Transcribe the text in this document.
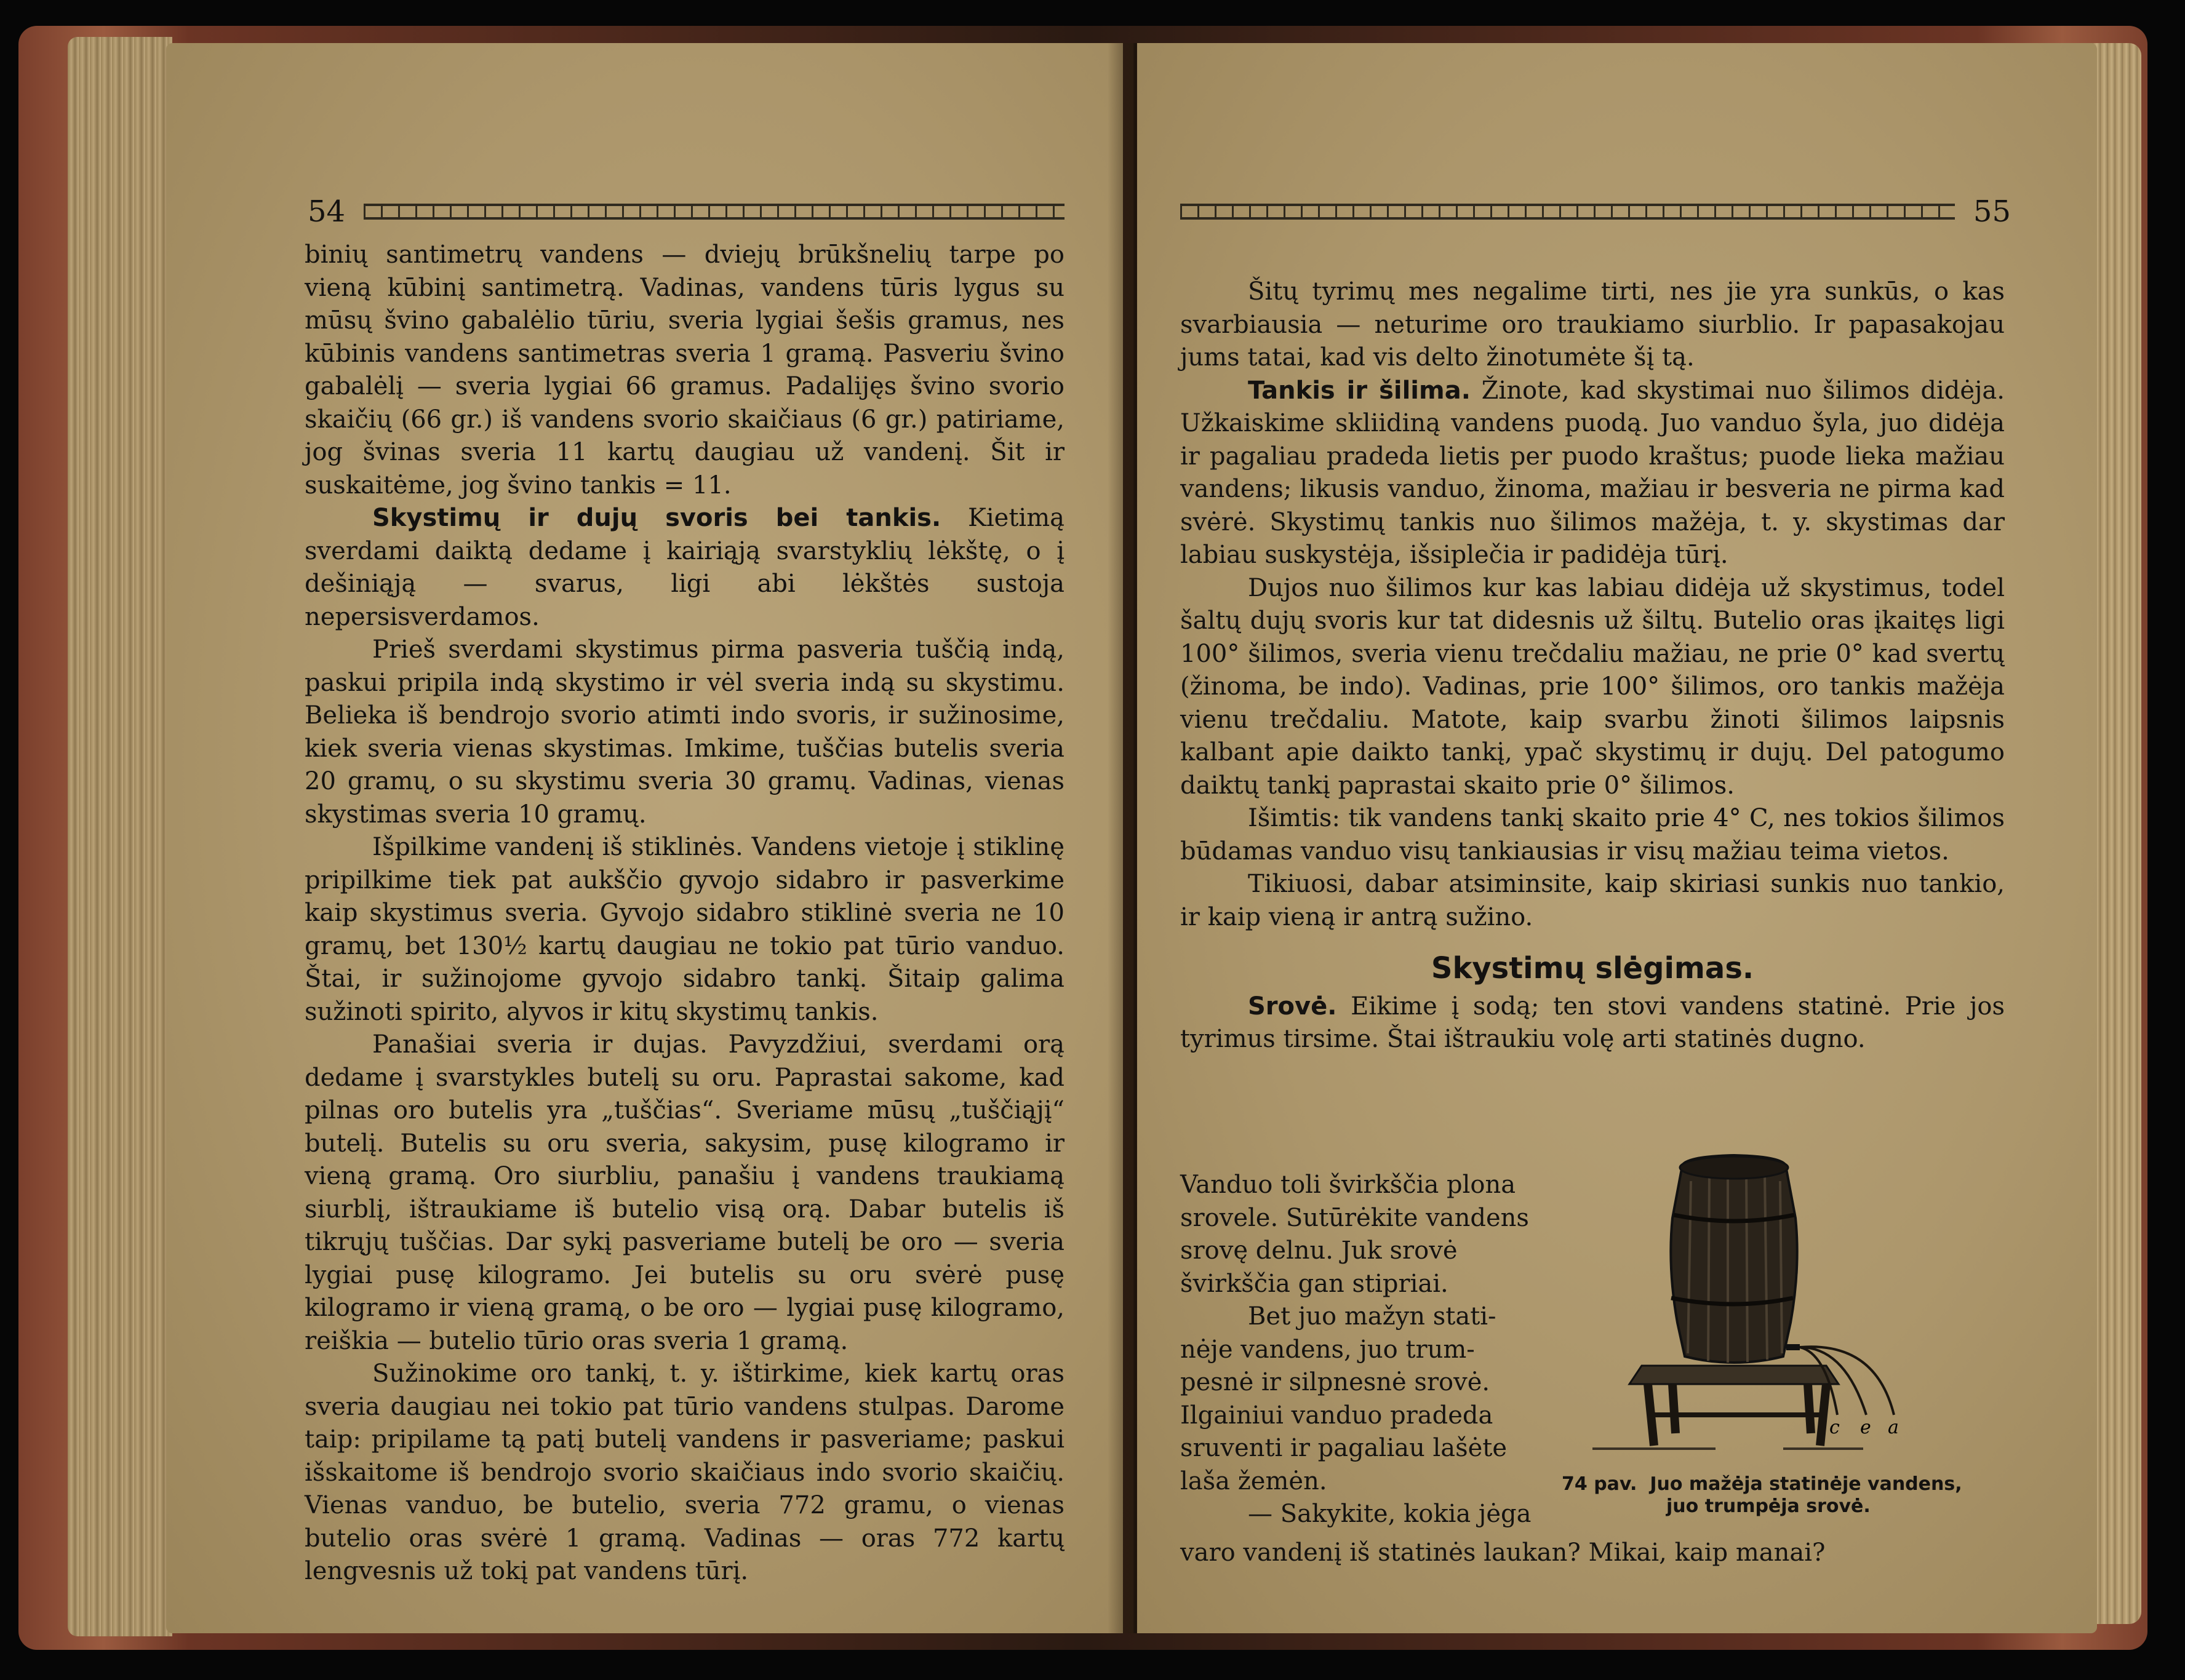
54

binių santimetrų vandens — dviejų brūkšnelių tarpe po vieną kūbinį santimetrą. Vadinas, vandens tūris lygus su mūsų švino gabalėlio tūriu, sveria lygiai šešis gramus, nes kūbinis vandens santimetras sveria 1 gramą. Pasveriu švino gabalėlį — sveria lygiai 66 gramus. Padalijęs švino svorio skaičių (66 gr.) iš vandens svorio skaičiaus (6 gr.) patiriame, jog švinas sveria 11 kartų daugiau už vandenį. Šit ir suskaitėme, jog švino tankis = 11.

Skystimų ir dujų svoris bei tankis. Kietimą sverdami daiktą dedame į kairiąją svarstyklių lėkštę, o į dešiniąją — svarus, ligi abi lėkštės sustoja nepersisverdamos.

Prieš sverdami skystimus pirma pasveria tuščią indą, paskui pripila indą skystimo ir vėl sveria indą su skystimu. Belieka iš bendrojo svorio atimti indo svoris, ir sužinosime, kiek sveria vienas skystimas. Imkime, tuščias butelis sveria 20 gramų, o su skystimu sveria 30 gramų. Vadinas, vienas skystimas sveria 10 gramų.

Išpilkime vandenį iš stiklinės. Vandens vietoje į stiklinę pripilkime tiek pat aukščio gyvojo sidabro ir pasverkime kaip skystimus sveria. Gyvojo sidabro stiklinė sveria ne 10 gramų, bet 130½ kartų daugiau ne tokio pat tūrio vanduo. Štai, ir sužinojome gyvojo sidabro tankį. Šitaip galima sužinoti spirito, alyvos ir kitų skystimų tankis.

Panašiai sveria ir dujas. Pavyzdžiui, sverdami orą dedame į svarstykles butelį su oru. Paprastai sakome, kad pilnas oro butelis yra „tuščias“. Sveriame mūsų „tuščiąjį“ butelį. Butelis su oru sveria, sakysim, pusę kilogramo ir vieną gramą. Oro siurbliu, panašiu į vandens traukiamą siurblį, ištraukiame iš butelio visą orą. Dabar butelis iš tikrųjų tuščias. Dar sykį pasveriame butelį be oro — sveria lygiai pusę kilogramo. Jei butelis su oru svėrė pusę kilogramo ir vieną gramą, o be oro — lygiai pusę kilogramo, reiškia — butelio tūrio oras sveria 1 gramą.

Sužinokime oro tankį, t. y. ištirkime, kiek kartų oras sveria daugiau nei tokio pat tūrio vandens stulpas. Darome taip: pripilame tą patį butelį vandens ir pasveriame; paskui išskaitome iš bendrojo svorio skaičiaus indo svorio skaičių. Vienas vanduo, be butelio, sveria 772 gramu, o vienas butelio oras svėrė 1 gramą. Vadinas — oras 772 kartų lengvesnis už tokį pat vandens tūrį.

55

Šitų tyrimų mes negalime tirti, nes jie yra sunkūs, o kas svarbiausia — neturime oro traukiamo siurblio. Ir papasakojau jums tatai, kad vis delto žinotumėte šį tą.

Tankis ir šilima. Žinote, kad skystimai nuo šilimos didėja. Užkaiskime skliidiną vandens puodą. Juo vanduo šyla, juo didėja ir pagaliau pradeda lietis per puodo kraštus; puode lieka mažiau vandens; likusis vanduo, žinoma, mažiau ir besveria ne pirma kad svėrė. Skystimų tankis nuo šilimos mažėja, t. y. skystimas dar labiau suskystėja, išsiplečia ir padidėja tūrį.

Dujos nuo šilimos kur kas labiau didėja už skystimus, todel šaltų dujų svoris kur tat didesnis už šiltų. Butelio oras įkaitęs ligi 100° šilimos, sveria vienu trečdaliu mažiau, ne prie 0° kad svertų (žinoma, be indo). Vadinas, prie 100° šilimos, oro tankis mažėja vienu trečdaliu. Matote, kaip svarbu žinoti šilimos laipsnis kalbant apie daikto tankį, ypač skystimų ir dujų. Del patogumo daiktų tankį paprastai skaito prie 0° šilimos.

Išimtis: tik vandens tankį skaito prie 4° C, nes tokios šilimos būdamas vanduo visų tankiausias ir visų mažiau teima vietos.

Tikiuosi, dabar atsiminsite, kaip skiriasi sunkis nuo tankio, ir kaip vieną ir antrą sužino.

Skystimų slėgimas.

Srovė. Eikime į sodą; ten stovi vandens statinė. Prie jos tyrimus tirsime. Štai ištraukiu volę arti statinės dugno.

Vanduo toli švirkščia plona
srovele. Sutūrėkite vandens
srovę delnu. Juk srovė
švirkščia gan stipriai.
Bet juo mažyn stati-
nėje vandens, juo trum-
pesnė ir silpnesnė srovė.
Ilgainiui vanduo pradeda
sruventi ir pagaliau lašėte
laša žemėn.
— Sakykite, kokia jėga
varo vandenį iš statinės laukan? Mikai, kaip manai?
c e a
74 pav. Juo mažėja statinėje vandens,
juo trumpėja srovė.
